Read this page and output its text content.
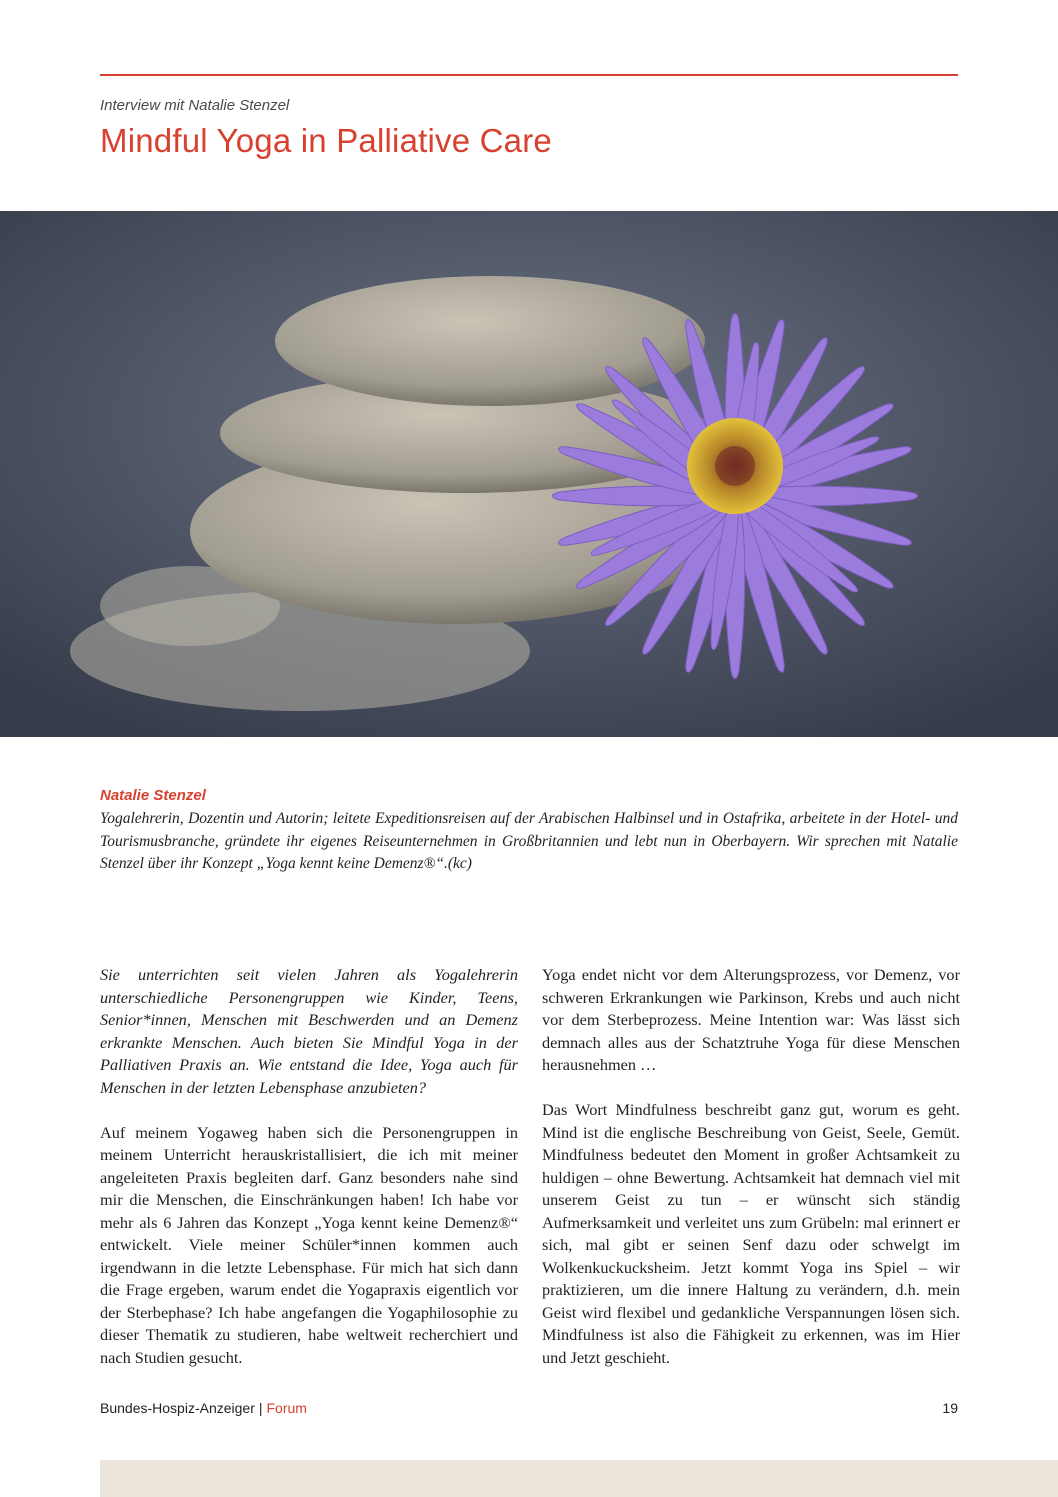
Interview mit Natalie Stenzel
Mindful Yoga in Palliative Care
Natalie Stenzel
Yogalehrerin, Dozentin und Autorin; leitete Expeditionsreisen auf der Arabischen Halbinsel und in Ostafrika, arbeitete in der Hotel- und Tourismusbranche, gründete ihr eigenes Reiseunternehmen in Großbritannien und lebt nun in Oberbayern. Wir sprechen mit Natalie Stenzel über ihr Konzept „Yoga kennt keine Demenz®“.(kc)

Sie unterrichten seit vielen Jahren als Yogalehrerin unterschiedliche Personengruppen wie Kinder, Teens, Senior*innen, Menschen mit Beschwerden und an Demenz erkrankte Menschen. Auch bieten Sie Mindful Yoga in der Palliativen Praxis an. Wie entstand die Idee, Yoga auch für Menschen in der letzten Lebensphase anzubieten?

Auf meinem Yogaweg haben sich die Personengruppen in meinem Unterricht herauskristallisiert, die ich mit meiner angeleiteten Praxis begleiten darf. Ganz besonders nahe sind mir die Menschen, die Einschränkungen haben! Ich habe vor mehr als 6 Jahren das Konzept „Yoga kennt keine Demenz®“ entwickelt. Viele meiner Schüler*innen kommen auch irgendwann in die letzte Lebensphase. Für mich hat sich dann die Frage ergeben, warum endet die Yogapraxis eigentlich vor der Sterbephase? Ich habe angefangen die Yogaphilosophie zu dieser Thematik zu studieren, habe weltweit recherchiert und nach Studien gesucht.

Yoga endet nicht vor dem Alterungsprozess, vor Demenz, vor schweren Erkrankungen wie Parkinson, Krebs und auch nicht vor dem Sterbeprozess. Meine Intention war: Was lässt sich demnach alles aus der Schatztruhe Yoga für diese Menschen herausnehmen …

Das Wort Mindfulness beschreibt ganz gut, worum es geht. Mind ist die englische Beschreibung von Geist, Seele, Gemüt. Mindfulness bedeutet den Moment in großer Achtsamkeit zu huldigen – ohne Bewertung. Achtsamkeit hat demnach viel mit unserem Geist zu tun – er wünscht sich ständig Aufmerksamkeit und verleitet uns zum Grübeln: mal erinnert er sich, mal gibt er seinen Senf dazu oder schwelgt im Wolkenkuckucksheim. Jetzt kommt Yoga ins Spiel – wir praktizieren, um die innere Haltung zu verändern, d.h. mein Geist wird flexibel und gedankliche Verspannungen lösen sich. Mindfulness ist also die Fähigkeit zu erkennen, was im Hier und Jetzt geschieht.

Bundes-Hospiz-Anzeiger | Forum	19
